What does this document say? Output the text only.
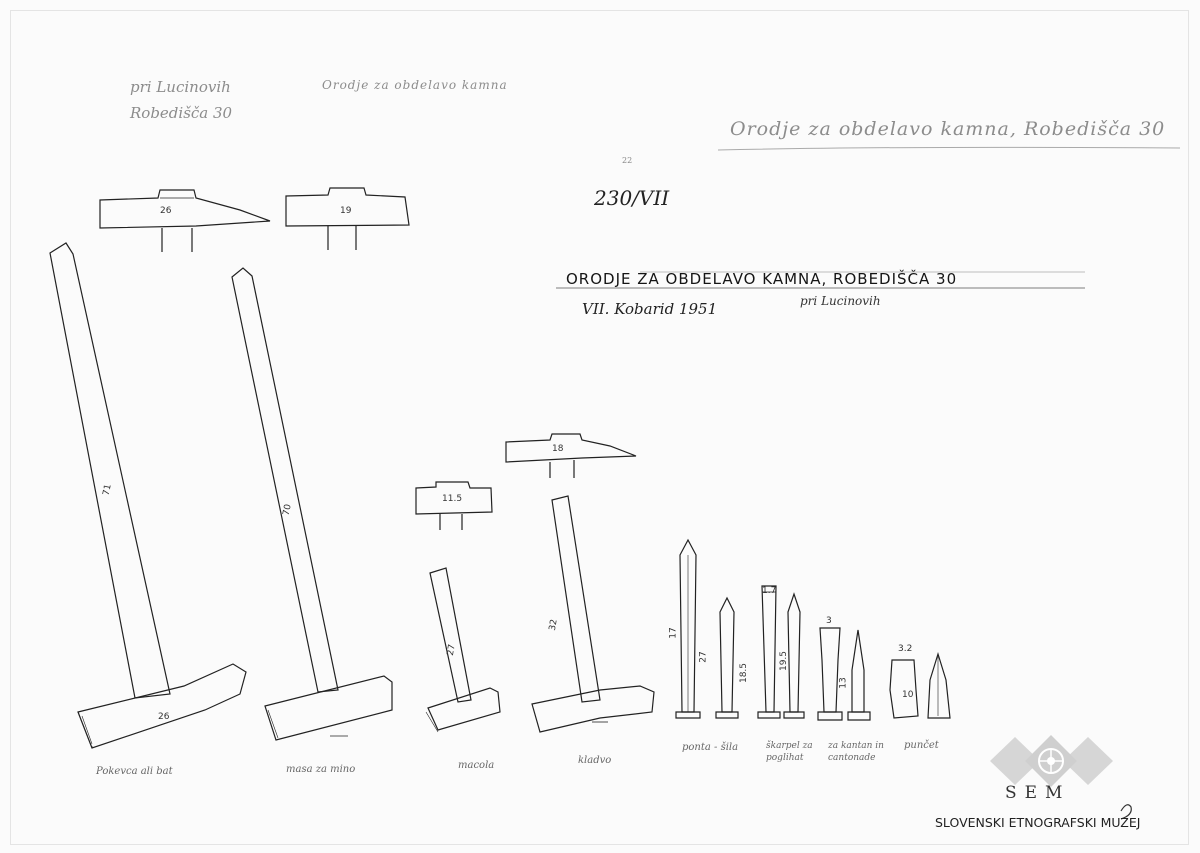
pri Lucinovih
Robedišča 30
Orodje za obdelavo kamna
Orodje za obdelavo kamna, Robedišča 30
22
230/VII
ORODJE ZA OBDELAVO KAMNA, ROBEDIŠČA 30
VII. Kobarid 1951	pri Lucinovih
26	19
11.5
18
71
70
27
32
26
17
27
18.5
1.7
19.5
3
13
3.2
10
Pokevca ali bat	masa za mino	macola	kladvo
ponta - šila	škarpel za poglihat
za kantan in cantonade
punčet
SEM
SLOVENSKI ETNOGRAFSKI MUZEJ
